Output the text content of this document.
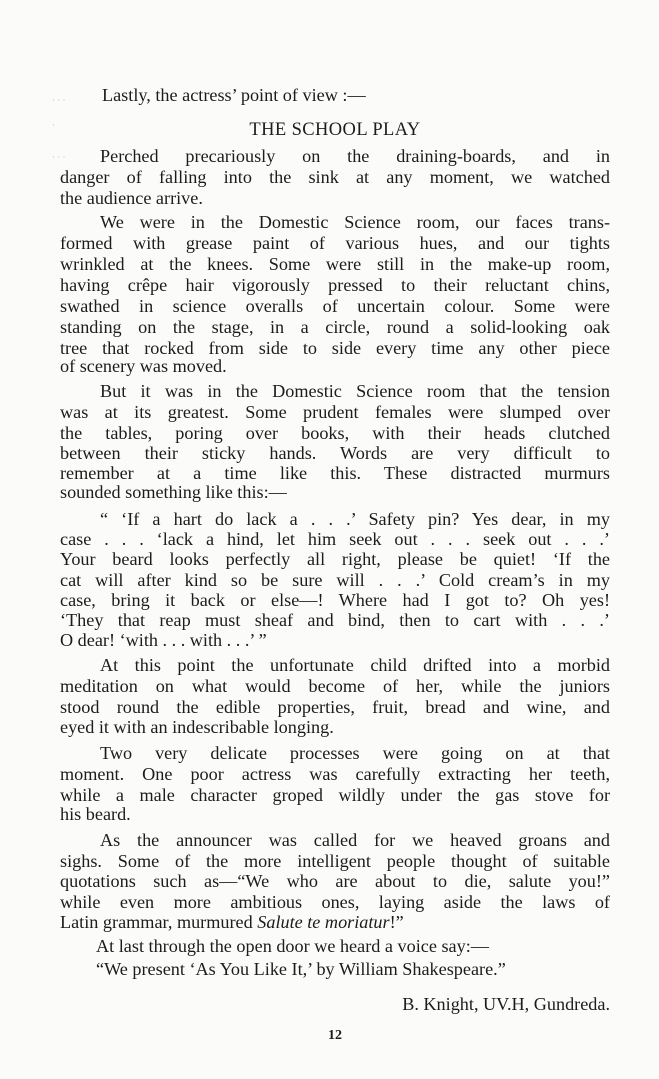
Lastly, the actress’ point of view :—
THE SCHOOL PLAY
Perched precariously on the draining-boards, and in
danger of falling into the sink at any moment, we watched
the audience arrive.
We were in the Domestic Science room, our faces trans-
formed with grease paint of various hues, and our tights
wrinkled at the knees. Some were still in the make-up room,
having crêpe hair vigorously pressed to their reluctant chins,
swathed in science overalls of uncertain colour. Some were
standing on the stage, in a circle, round a solid-looking oak
tree that rocked from side to side every time any other piece
of scenery was moved.
But it was in the Domestic Science room that the tension
was at its greatest. Some prudent females were slumped over
the tables, poring over books, with their heads clutched
between their sticky hands. Words are very difficult to
remember at a time like this. These distracted murmurs
sounded something like this:—
“ ‘If a hart do lack a . . .’ Safety pin? Yes dear, in my
case . . . ‘lack a hind, let him seek out . . . seek out . . .’
Your beard looks perfectly all right, please be quiet! ‘If the
cat will after kind so be sure will . . .’ Cold cream’s in my
case, bring it back or else—! Where had I got to? Oh yes!
‘They that reap must sheaf and bind, then to cart with . . .’
O dear! ‘with . . . with . . .’ ”
At this point the unfortunate child drifted into a morbid
meditation on what would become of her, while the juniors
stood round the edible properties, fruit, bread and wine, and
eyed it with an indescribable longing.
Two very delicate processes were going on at that
moment. One poor actress was carefully extracting her teeth,
while a male character groped wildly under the gas stove for
his beard.
As the announcer was called for we heaved groans and
sighs. Some of the more intelligent people thought of suitable
quotations such as—“We who are about to die, salute you!”
while even more ambitious ones, laying aside the laws of
Latin grammar, murmured Salute te moriatur!”
At last through the open door we heard a voice say:—
“We present ‘As You Like It,’ by William Shakespeare.”
B. Knight, UV.H, Gundreda.
12
· · ·
·
· · ·
